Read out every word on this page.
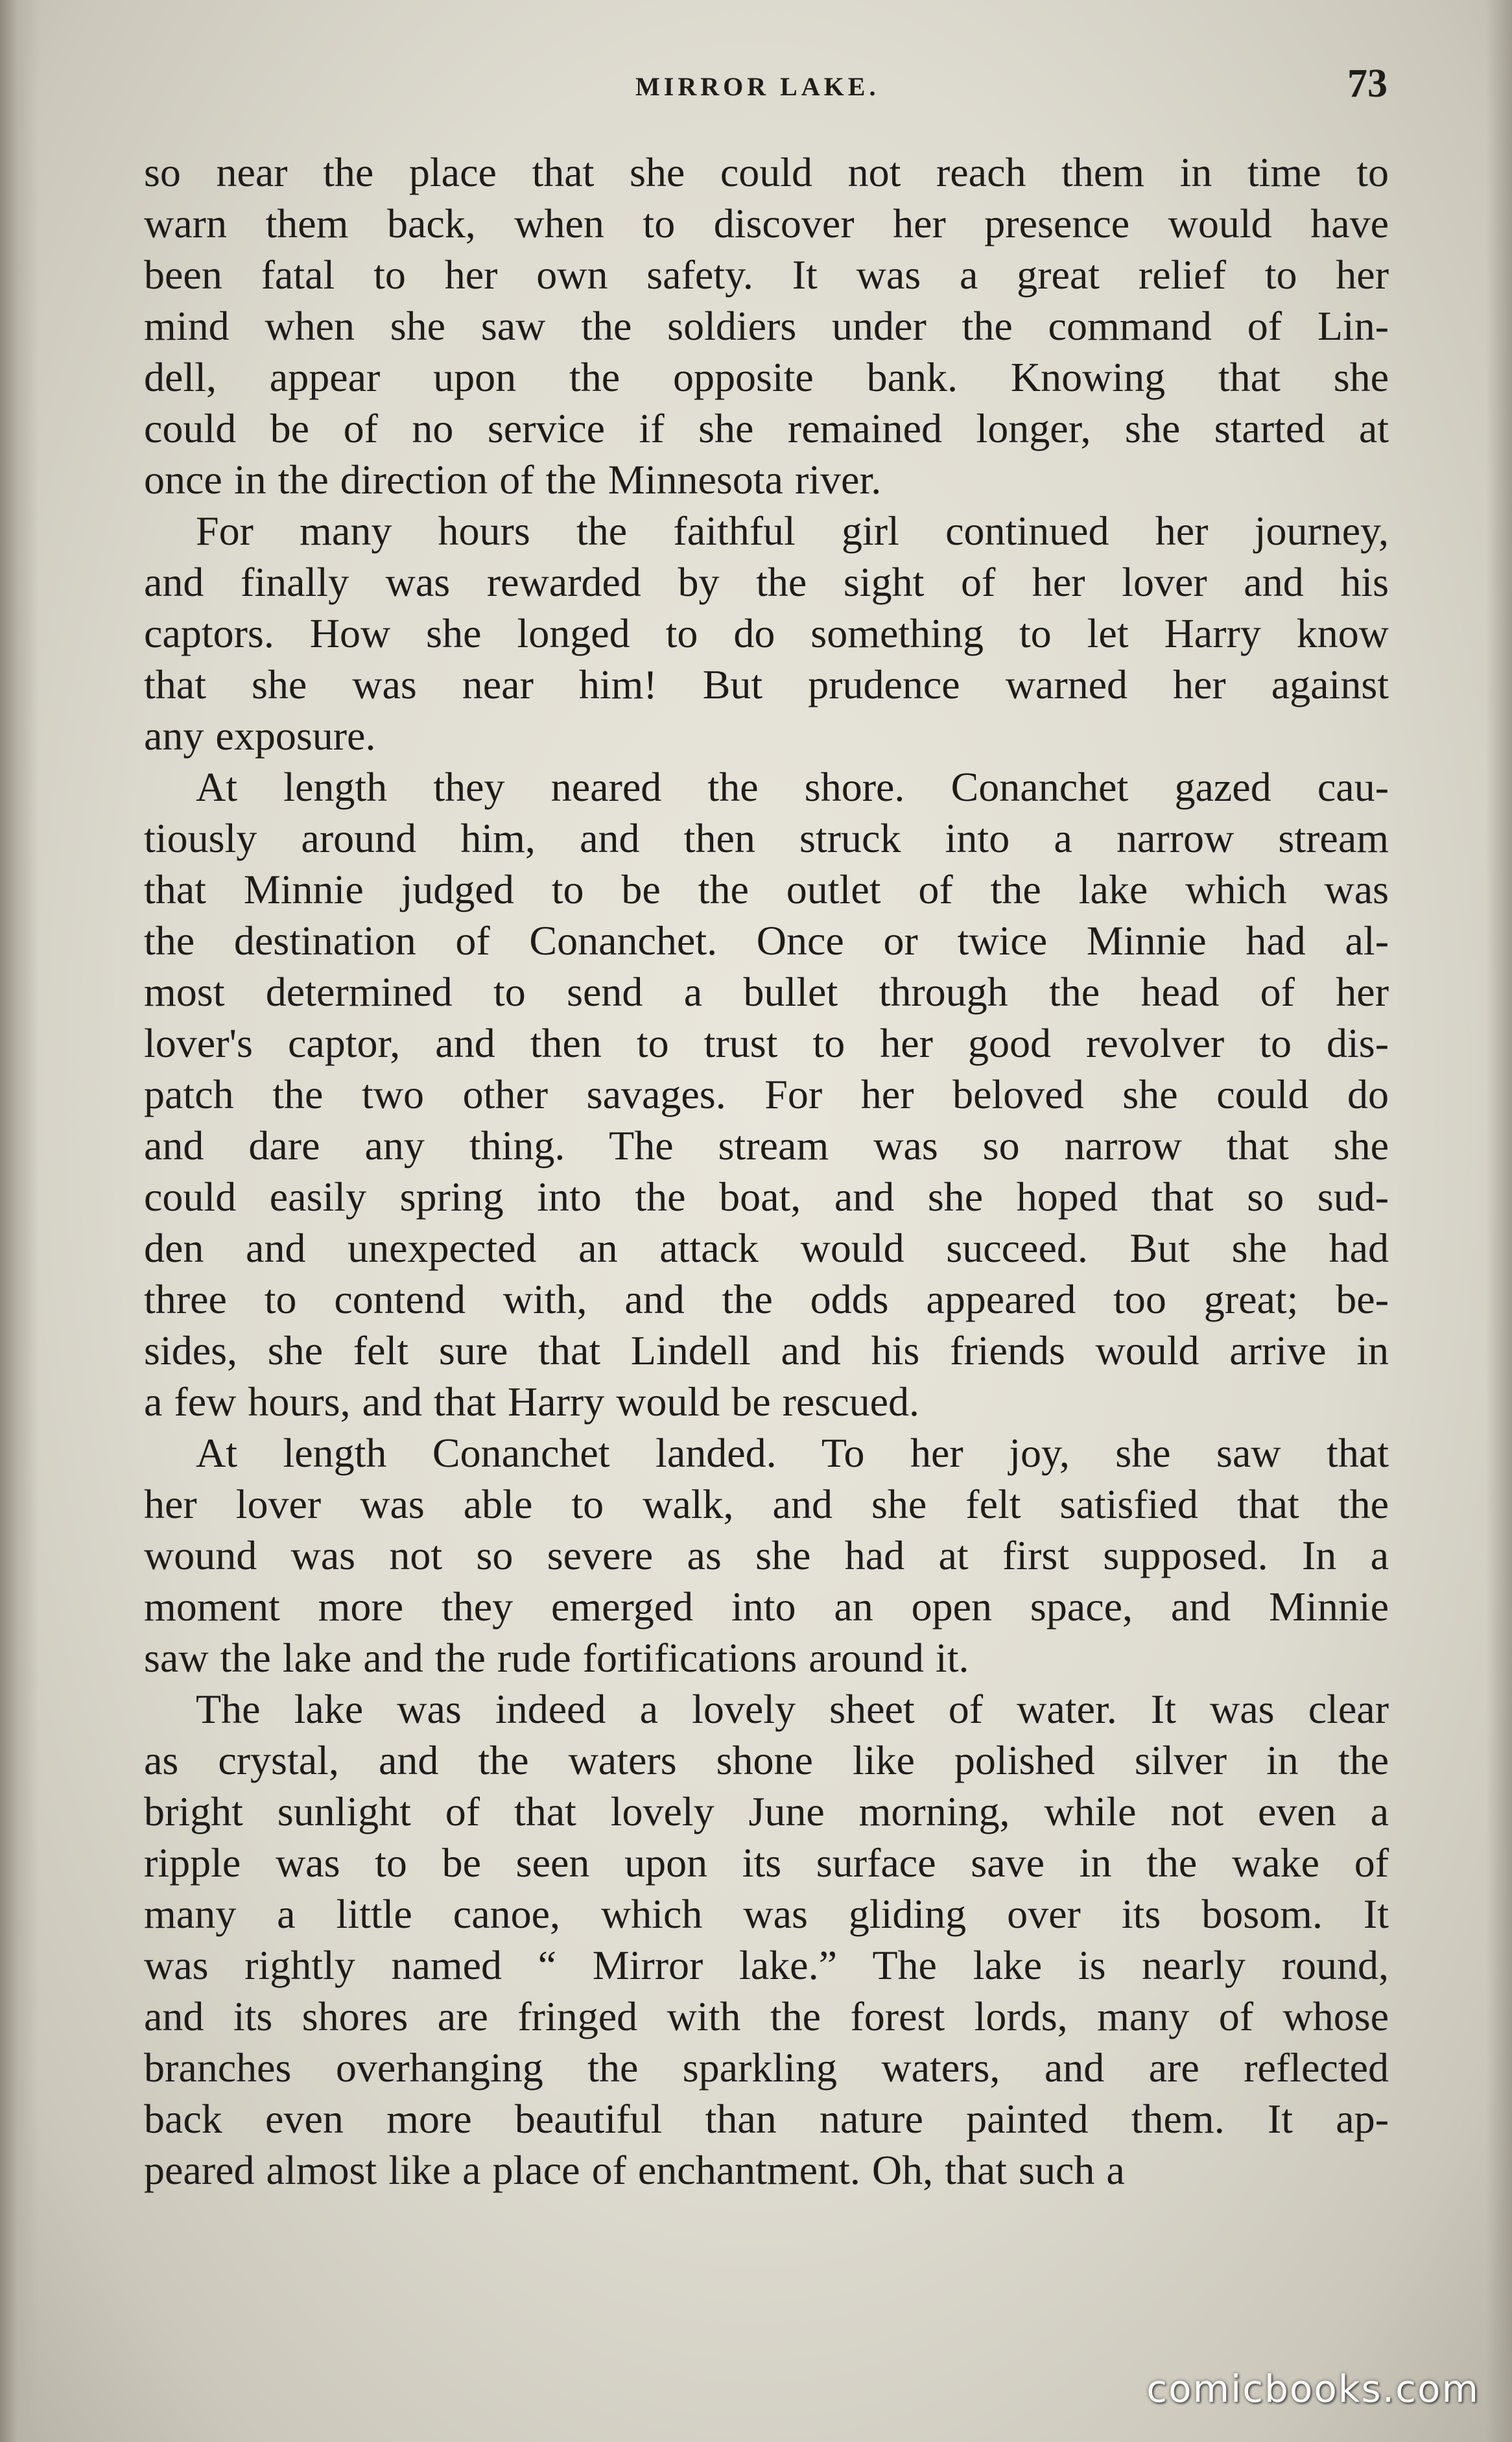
MIRROR LAKE.	73
so near the place that she could not reach them in time to
warn them back, when to discover her presence would have
been fatal to her own safety. It was a great relief to her
mind when she saw the soldiers under the command of Lin-
dell, appear upon the opposite bank. Knowing that she
could be of no service if she remained longer, she started at
once in the direction of the Minnesota river.
For many hours the faithful girl continued her journey,
and finally was rewarded by the sight of her lover and his
captors. How she longed to do something to let Harry know
that she was near him! But prudence warned her against
any exposure.
At length they neared the shore. Conanchet gazed cau-
tiously around him, and then struck into a narrow stream
that Minnie judged to be the outlet of the lake which was
the destination of Conanchet. Once or twice Minnie had al-
most determined to send a bullet through the head of her
lover's captor, and then to trust to her good revolver to dis-
patch the two other savages. For her beloved she could do
and dare any thing. The stream was so narrow that she
could easily spring into the boat, and she hoped that so sud-
den and unexpected an attack would succeed. But she had
three to contend with, and the odds appeared too great; be-
sides, she felt sure that Lindell and his friends would arrive in
a few hours, and that Harry would be rescued.
At length Conanchet landed. To her joy, she saw that
her lover was able to walk, and she felt satisfied that the
wound was not so severe as she had at first supposed. In a
moment more they emerged into an open space, and Minnie
saw the lake and the rude fortifications around it.
The lake was indeed a lovely sheet of water. It was clear
as crystal, and the waters shone like polished silver in the
bright sunlight of that lovely June morning, while not even a
ripple was to be seen upon its surface save in the wake of
many a little canoe, which was gliding over its bosom. It
was rightly named “ Mirror lake.” The lake is nearly round,
and its shores are fringed with the forest lords, many of whose
branches overhanging the sparkling waters, and are reflected
back even more beautiful than nature painted them. It ap-
peared almost like a place of enchantment. Oh, that such a
comicbooks.com
